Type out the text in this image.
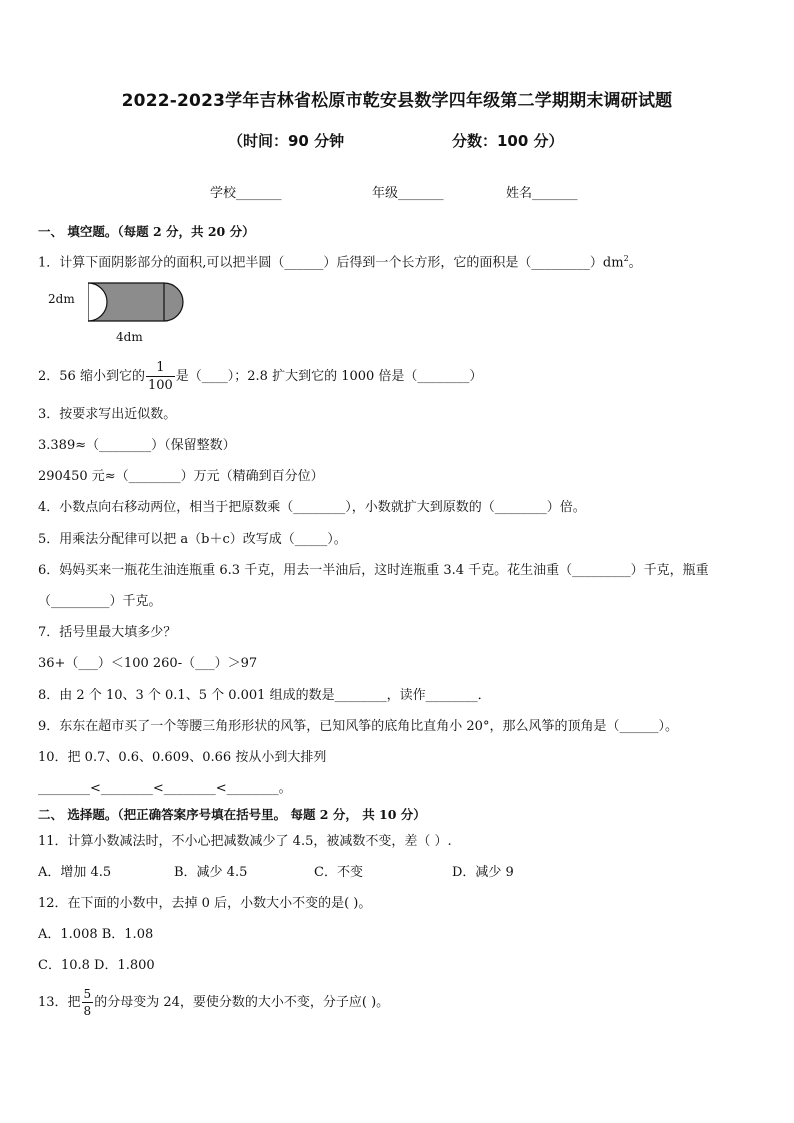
2022-2023学年吉林省松原市乾安县数学四年级第二学期期末调研试题
（时间：90 分钟	分数：100 分）
学校_______	年级_______	姓名_______
一、 填空题。（每题 2 分，共 20 分）
1．计算下面阴影部分的面积,可以把半圆（______）后得到一个长方形，它的面积是$(\_\_\_\_\_\_\_\_\_)dm^2$。
2dm
4dm
2．56 缩小到它的 $\frac{1}{100}$ 是（____）；2.8 扩大到它的 1000 倍是（________）
3．按要求写出近似数。
3.389≈（________）（保留整数）
290450 元≈（________）万元（精确到百分位）
4．小数点向右移动两位，相当于把原数乘（________），小数就扩大到原数的（________）倍。
5．用乘法分配律可以把 a（b＋c）改写成（_____）。
6．妈妈买来一瓶花生油连瓶重 6.3 千克，用去一半油后，这时连瓶重 3.4 千克。花生油重（_________）千克，瓶重
（_________）千克。
7．括号里最大填多少？
36+（___）＜100 260-（___）＞97
8．由 2 个 10、3 个 0.1、5 个 0.001 组成的数是________，读作________．
9．东东在超市买了一个等腰三角形形状的风筝，已知风筝的底角比直角小 20°，那么风筝的顶角是（______）。
10．把 0.7、0.6、0.609、0.66 按从小到大排列
________<________<________<________。
二、 选择题。（把正确答案序号填在括号里。 每题 2 分， 共 10 分）
11．计算小数减法时，不小心把减数减少了 4.5，被减数不变，差（ ）.
A．增加 4.5	B．减少 4.5	C．不变	D．减少 9
12．在下面的小数中，去掉 0 后，小数大小不变的是( )。
A．1.008 B．1.08
C．10.8 D．1.800
13．把 $\frac{5}{8}$ 的分母变为 24，要使分数的大小不变，分子应( )。
